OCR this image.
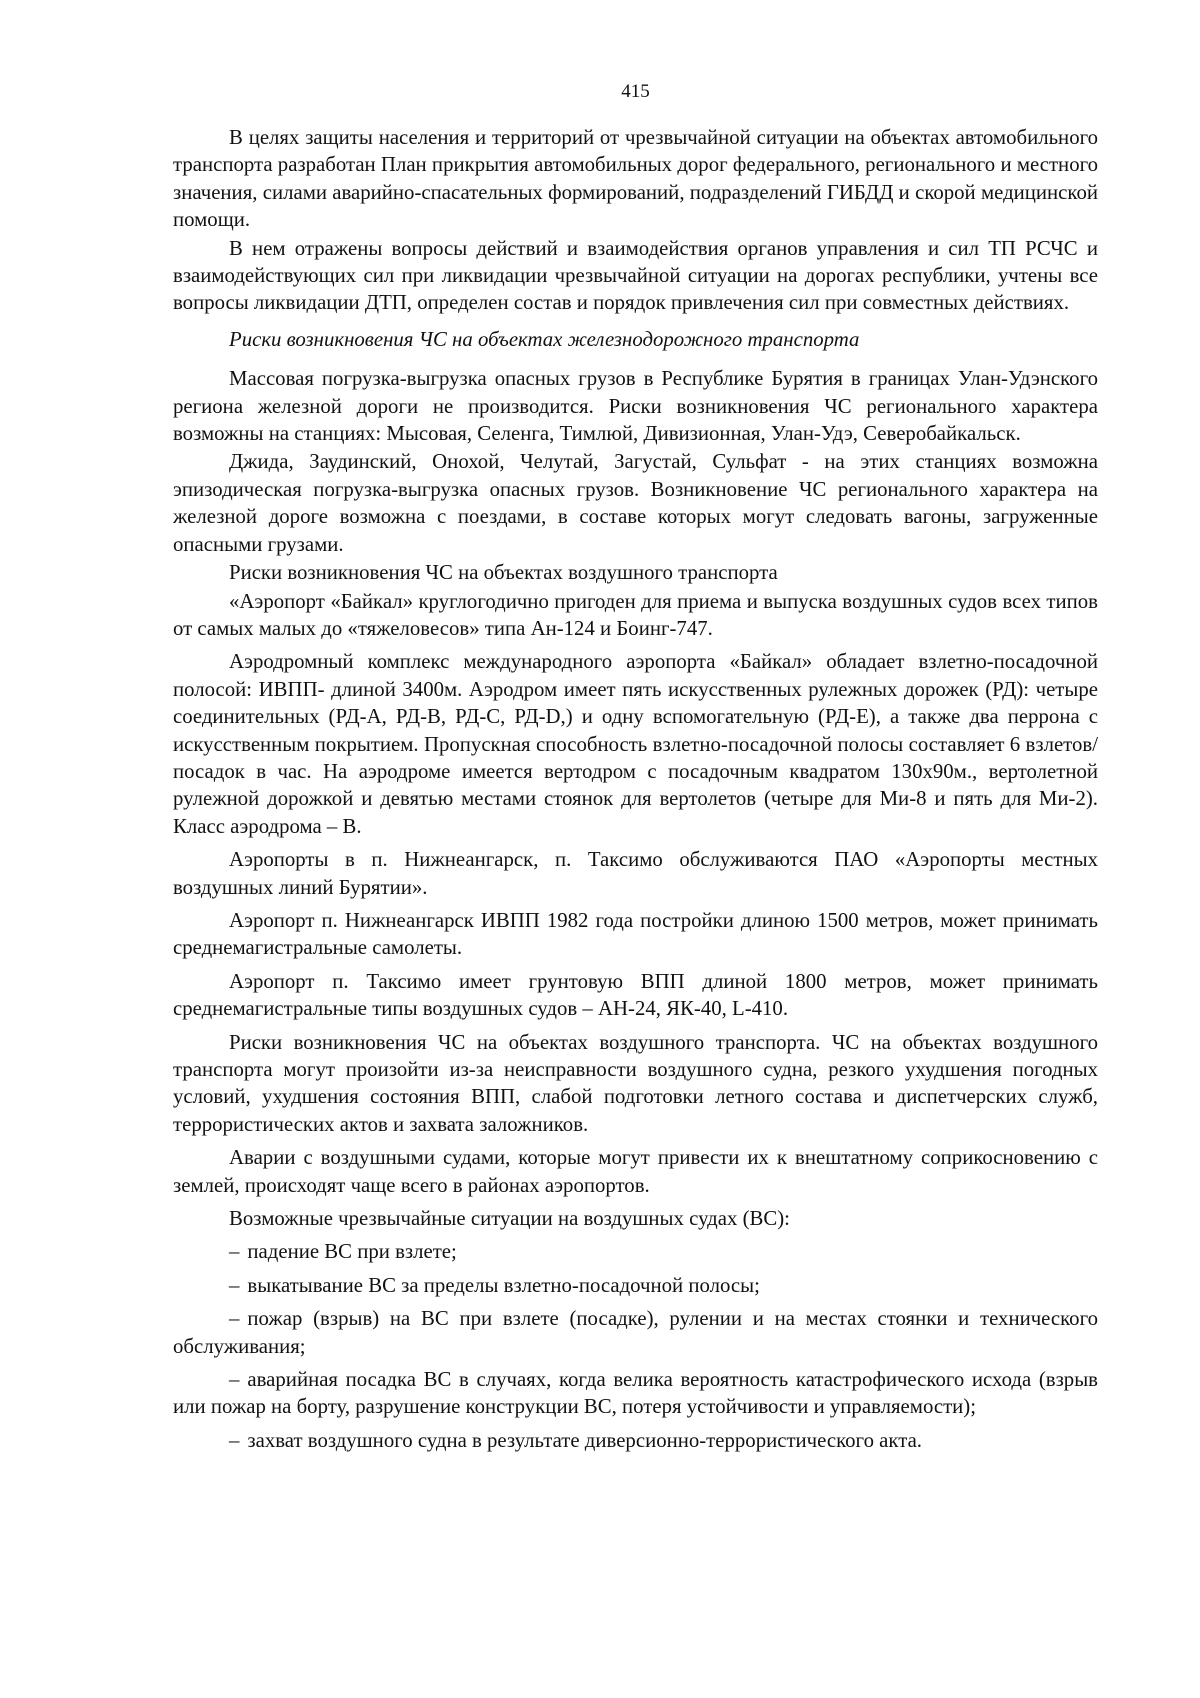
415

В целях защиты населения и территорий от чрезвычайной ситуации на объектах автомобильного транспорта разработан План прикрытия автомобильных дорог федерального, регионального и местного значения, силами аварийно-спасательных формирований, подразделений ГИБДД и скорой медицинской помощи.

В нем отражены вопросы действий и взаимодействия органов управления и сил ТП РСЧС и взаимодействующих сил при ликвидации чрезвычайной ситуации на дорогах республики, учтены все вопросы ликвидации ДТП, определен состав и порядок привлечения сил при совместных действиях.

Риски возникновения ЧС на объектах железнодорожного транспорта

Массовая погрузка-выгрузка опасных грузов в Республике Бурятия в границах Улан-Удэнского региона железной дороги не производится. Риски возникновения ЧС регионального характера возможны на станциях: Мысовая, Селенга, Тимлюй, Дивизионная, Улан-Удэ, Северобайкальск.

Джида, Заудинский, Онохой, Челутай, Загустай, Сульфат - на этих станциях возможна эпизодическая погрузка-выгрузка опасных грузов. Возникновение ЧС регионального характера на железной дороге возможна с поездами, в составе которых могут следовать вагоны, загруженные опасными грузами.

Риски возникновения ЧС на объектах воздушного транспорта

«Аэропорт «Байкал» круглогодично пригоден для приема и выпуска воздушных судов всех типов от самых малых до «тяжеловесов» типа Ан-124 и Боинг-747.

Аэродромный комплекс международного аэропорта «Байкал» обладает взлетно-посадочной полосой: ИВПП- длиной 3400м. Аэродром имеет пять искусственных рулежных дорожек (РД): четыре соединительных (РД-А, РД-В, РД-С, РД-D,) и одну вспомогательную (РД-Е), а также два перрона с искусственным покрытием. Пропускная способность взлетно-посадочной полосы составляет 6 взлетов/посадок в час. На аэродроме имеется вертодром с посадочным квадратом 130х90м., вертолетной рулежной дорожкой и девятью местами стоянок для вертолетов (четыре для Ми-8 и пять для Ми-2). Класс аэродрома – В.

Аэропорты в п. Нижнеангарск, п. Таксимо обслуживаются ПАО «Аэропорты местных воздушных линий Бурятии».

Аэропорт п. Нижнеангарск ИВПП 1982 года постройки длиною 1500 метров, может принимать среднемагистральные самолеты.

Аэропорт п. Таксимо имеет грунтовую ВПП длиной 1800 метров, может принимать среднемагистральные типы воздушных судов – АН-24, ЯК-40, L-410.

Риски возникновения ЧС на объектах воздушного транспорта. ЧС на объектах воздушного транспорта могут произойти из-за неисправности воздушного судна, резкого ухудшения погодных условий, ухудшения состояния ВПП, слабой подготовки летного состава и диспетчерских служб, террористических актов и захвата заложников.

Аварии с воздушными судами, которые могут привести их к внештатному соприкосновению с землей, происходят чаще всего в районах аэропортов.

Возможные чрезвычайные ситуации на воздушных судах (ВС):

– падение ВС при взлете;

– выкатывание ВС за пределы взлетно-посадочной полосы;

– пожар (взрыв) на ВС при взлете (посадке), рулении и на местах стоянки и технического обслуживания;

– аварийная посадка ВС в случаях, когда велика вероятность катастрофического исхода (взрыв или пожар на борту, разрушение конструкции ВС, потеря устойчивости и управляемости);

– захват воздушного судна в результате диверсионно-террористического акта.
